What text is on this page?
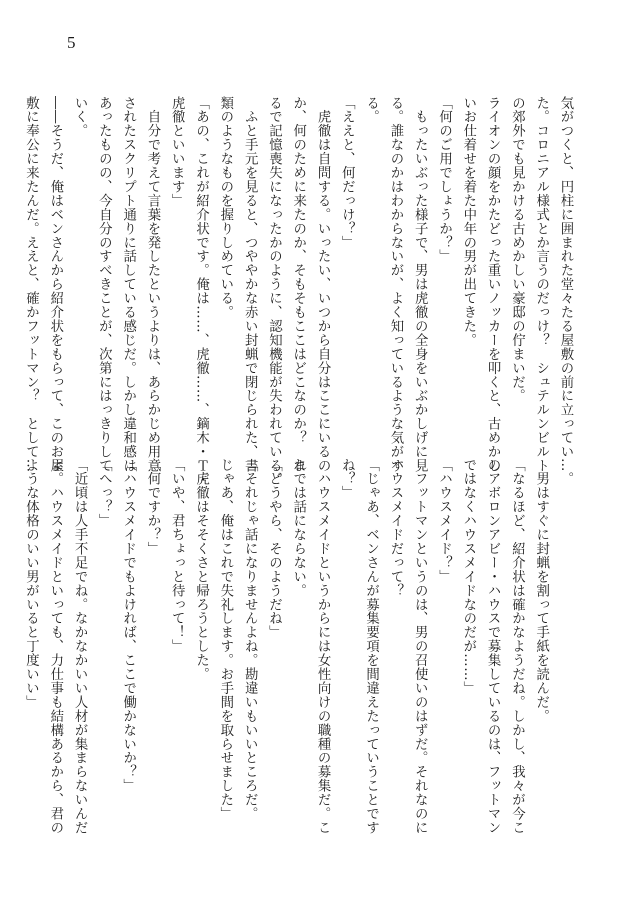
5
気がつくと、円柱に囲まれた堂々たる屋敷の前に立ってい
た。コロニアル様式とか言うのだっけ？　シュテルンビルト
の郊外でも見かける古めかしい豪邸の佇まいだ。
ライオンの顔をかたどった重いノッカーを叩くと、古めかし
いお仕着せを着た中年の男が出てきた。
「何のご用でしょうか？」
　もったいぶった様子で、男は虎徹の全身をいぶかしげに見
る。誰なのかはわからないが、よく知っているような気がす
る。
「ええと、何だっけ？」
　虎徹は自問する。いったい、いつから自分はここにいるの
か、何のために来たのか、そもそもここはどこなのか？　ま
るで記憶喪失になったかのように、認知機能が失われている。
　ふと手元を見ると、つややかな赤い封蝋で閉じられた、書
類のようなものを握りしめている。
「あの、これが紹介状です。俺は……、虎徹……、鏑木・Ｔ・
虎徹といいます」
　自分で考えて言葉を発したというよりは、あらかじめ用意
されたスクリプト通りに話している感じだ。しかし違和感は
あったものの、今自分のすべきことが、次第にはっきりして
いく。
――そうだ、俺はベンさんから紹介状をもらって、このお屋
敷に奉公に来たんだ。ええと、確かフットマン？　として…	…。
　男はすぐに封蝋を割って手紙を読んだ。
「なるほど、紹介状は確かなようだね。しかし、我々が今こ
のアボロンアビー・ハウスで募集しているのは、フットマン
ではなくハウスメイドなのだが……」
「ハウスメイド？」
　フットマンというのは、男の召使いのはずだ。それなのに
ハウスメイドだって？
「じゃあ、ベンさんが募集要項を間違えたっていうことです
ね？」
　ハウスメイドというからには女性向けの職種の募集だ。こ
れでは話にならない。
「どうやら、そのようだね」
「それじゃ話になりませんよね。勘違いもいいところだ。
じゃあ、俺はこれで失礼します。お手間を取らせました」
　虎徹はそそくさと帰ろうとした。
「いや、君ちょっと待って！」
「何ですか？」
「ハウスメイドでもよければ、ここで働かないか？」
「へっ？」
「近頃は人手不足でね。なかなかいい人材が集まらないんだ
よ。ハウスメイドといっても、力仕事も結構あるから、君の
ような体格のいい男がいると丁度いい」
